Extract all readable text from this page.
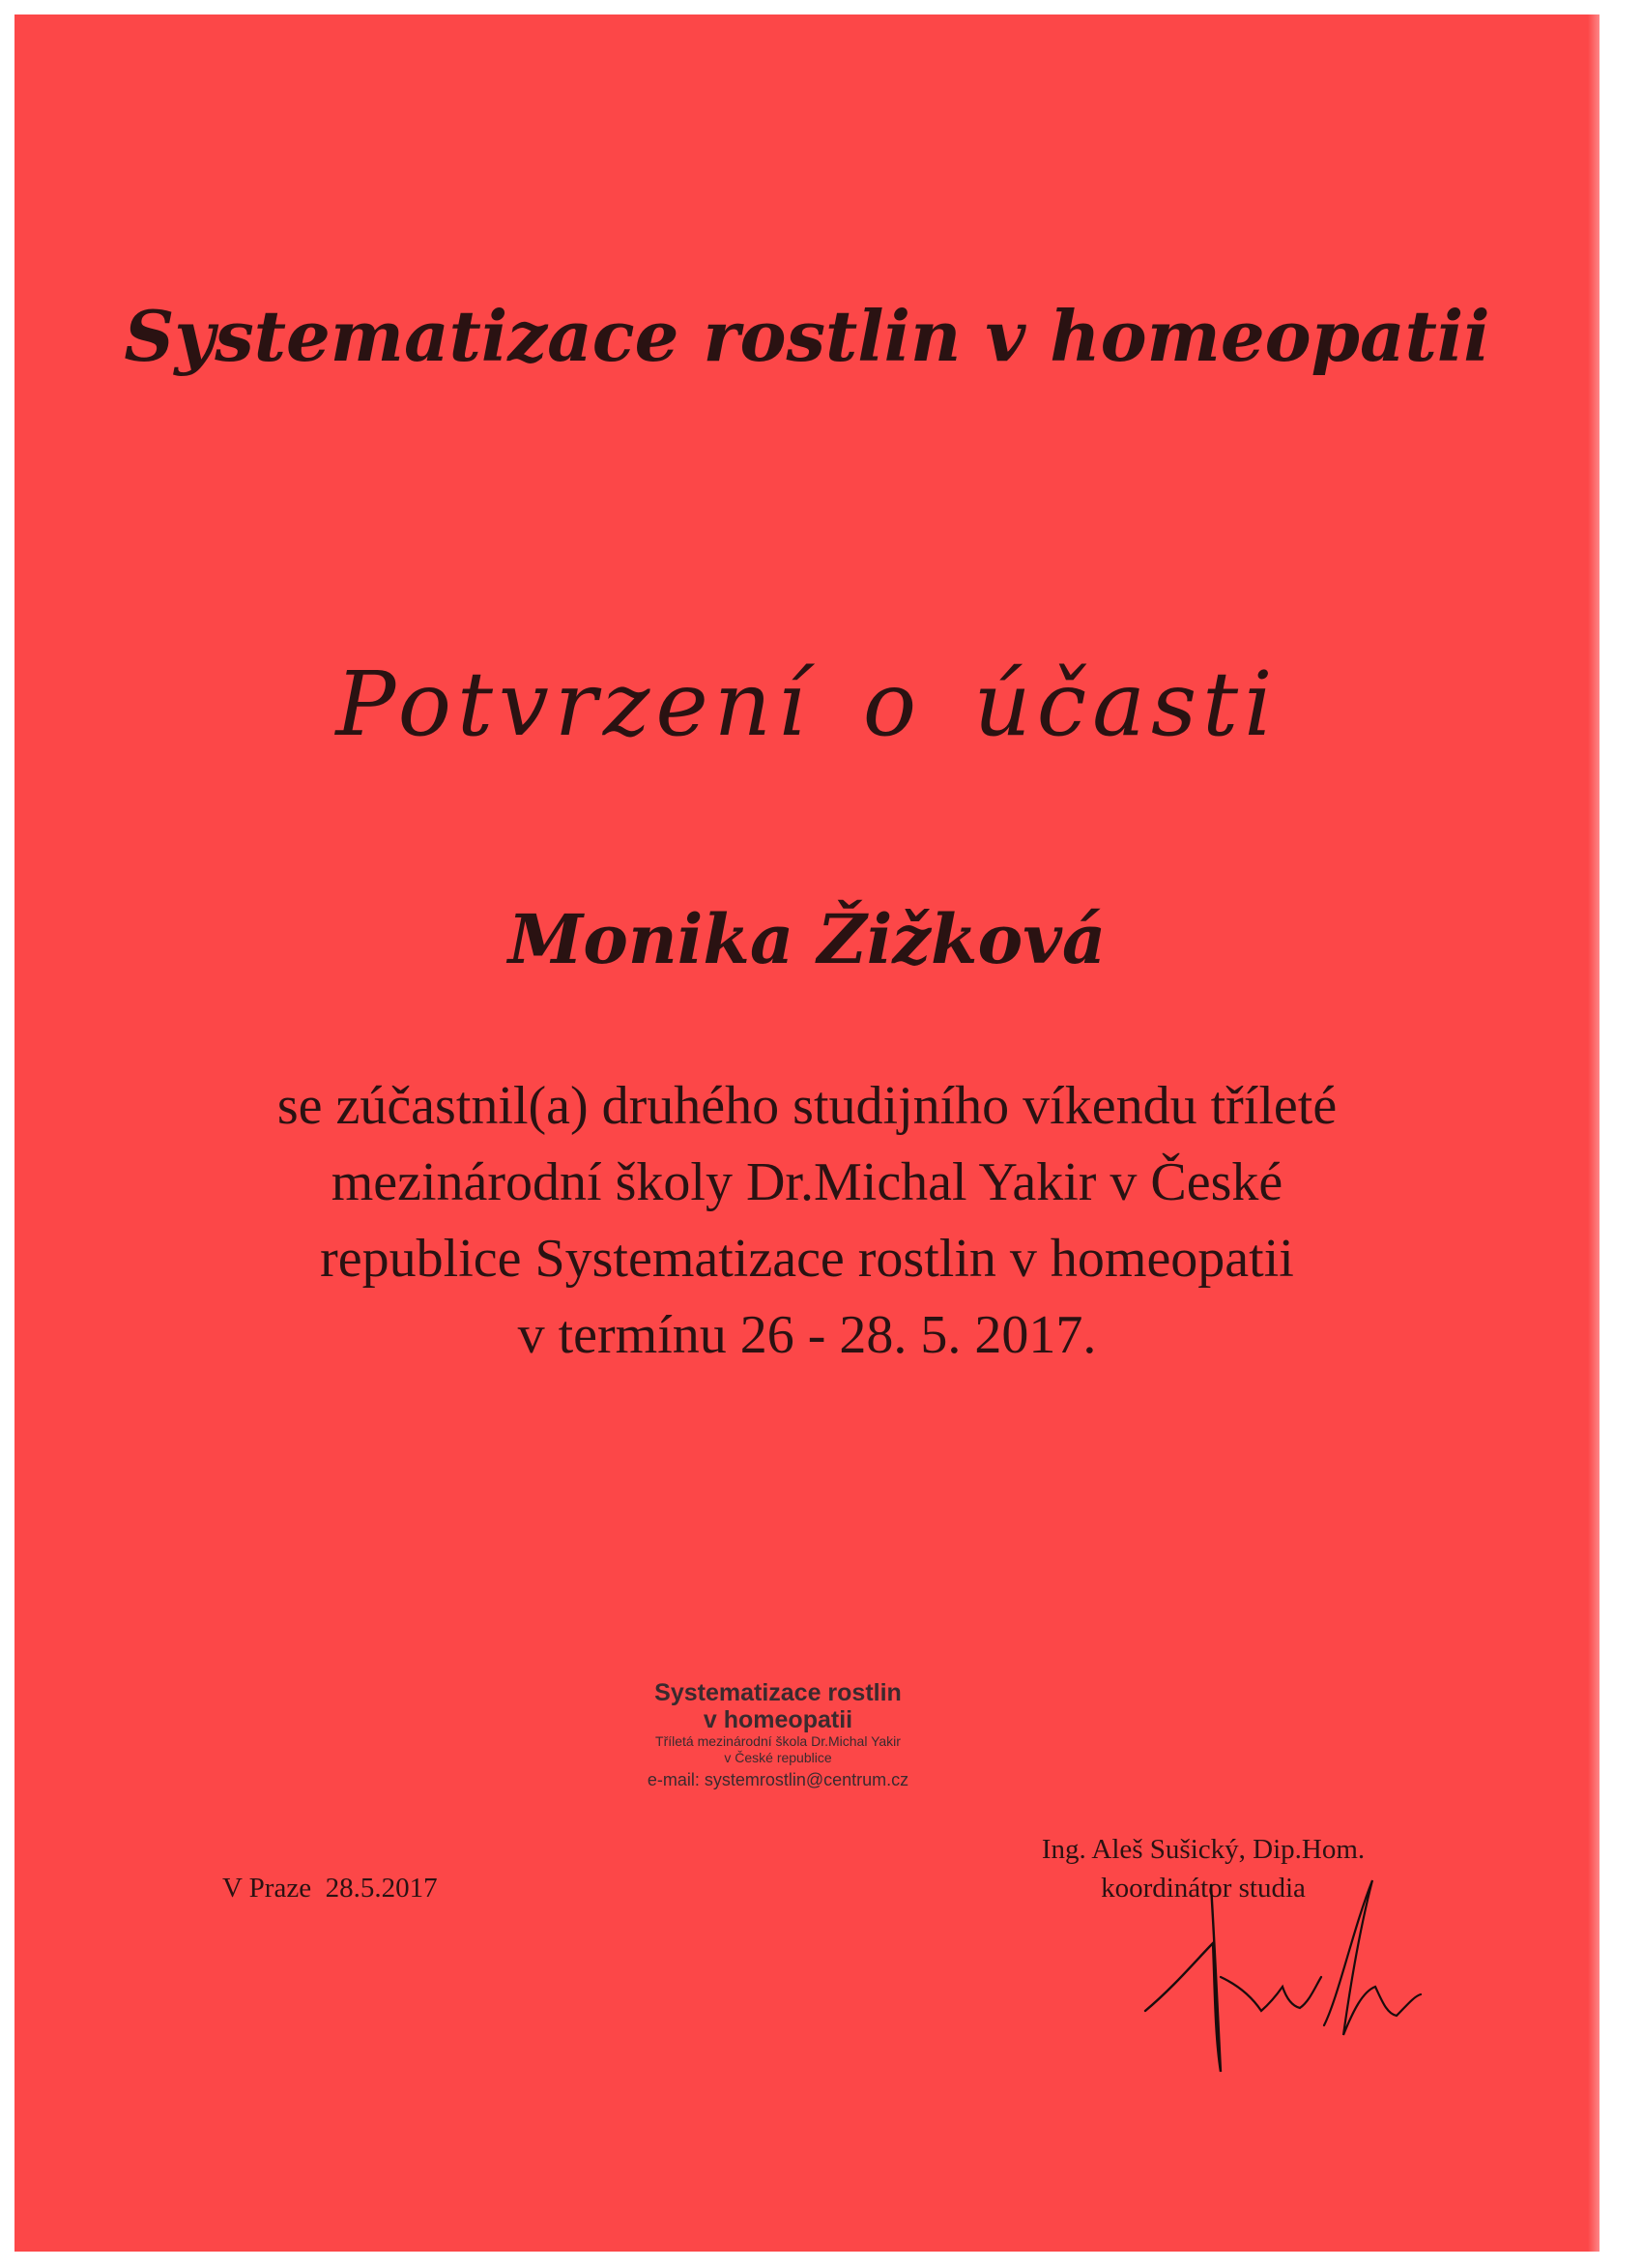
Systematizace rostlin v homeopatii
Potvrzení o účasti
Monika Žižková
se zúčastnil(a) druhého studijního víkendu tříleté
mezinárodní školy Dr.Michal Yakir v České
republice Systematizace rostlin v homeopatii
v termínu 26 - 28. 5. 2017.
Systematizace rostlin
v homeopatii
Tříletá mezinárodní škola Dr.Michal Yakir
v České republice
e-mail: systemrostlin@centrum.cz
V Praze  28.5.2017
Ing. Aleš Sušický, Dip.Hom.
koordinátor studia
